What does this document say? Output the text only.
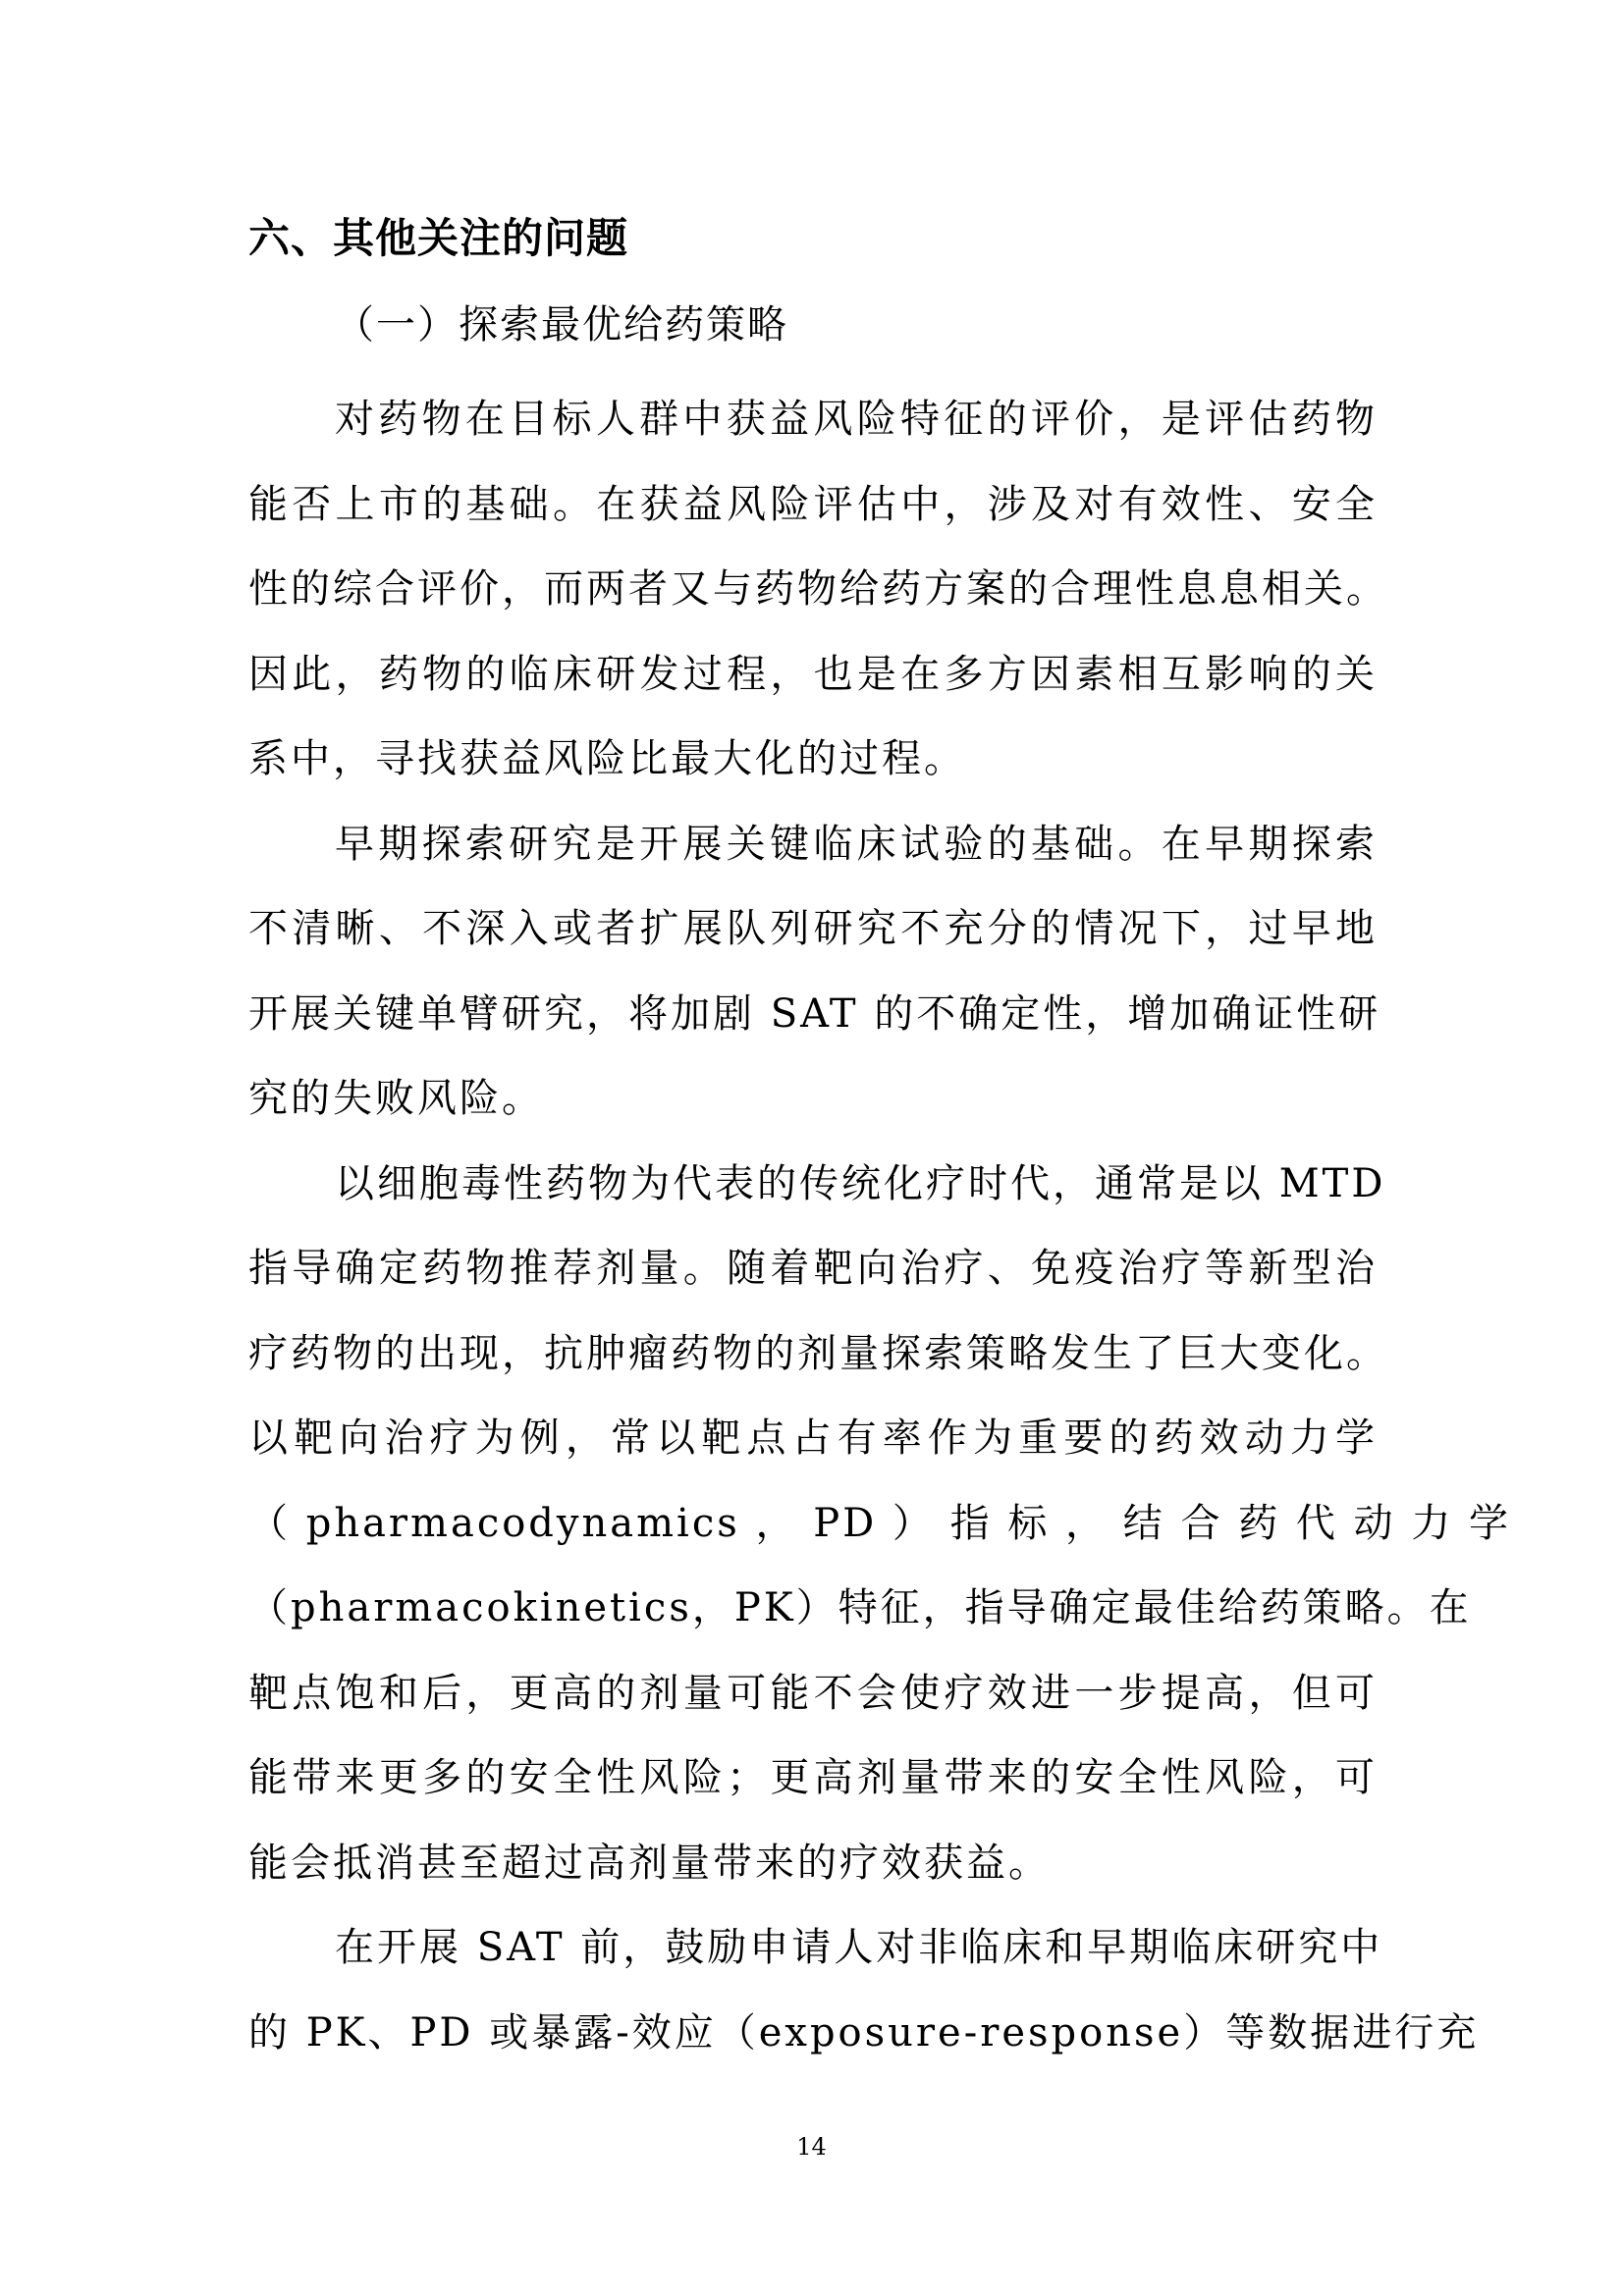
六、其他关注的问题
（一）探索最优给药策略
对药物在目标人群中获益风险特征的评价，是评估药物
能否上市的基础。在获益风险评估中，涉及对有效性、安全
性的综合评价，而两者又与药物给药方案的合理性息息相关。
因此，药物的临床研发过程，也是在多方因素相互影响的关
系中，寻找获益风险比最大化的过程。
早期探索研究是开展关键临床试验的基础。在早期探索
不清晰、不深入或者扩展队列研究不充分的情况下，过早地
开展关键单臂研究，将加剧 SAT 的不确定性，增加确证性研
究的失败风险。
以细胞毒性药物为代表的传统化疗时代，通常是以 MTD
指导确定药物推荐剂量。随着靶向治疗、免疫治疗等新型治
疗药物的出现，抗肿瘤药物的剂量探索策略发生了巨大变化。
以靶向治疗为例，常以靶点占有率作为重要的药效动力学
（ pharmacodynamics ， PD ） 指 标 ， 结 合 药 代 动 力 学
（pharmacokinetics，PK）特征，指导确定最佳给药策略。在
靶点饱和后，更高的剂量可能不会使疗效进一步提高，但可
能带来更多的安全性风险；更高剂量带来的安全性风险，可
能会抵消甚至超过高剂量带来的疗效获益。
在开展 SAT 前，鼓励申请人对非临床和早期临床研究中
的 PK、PD 或暴露-效应（exposure-response）等数据进行充
14
